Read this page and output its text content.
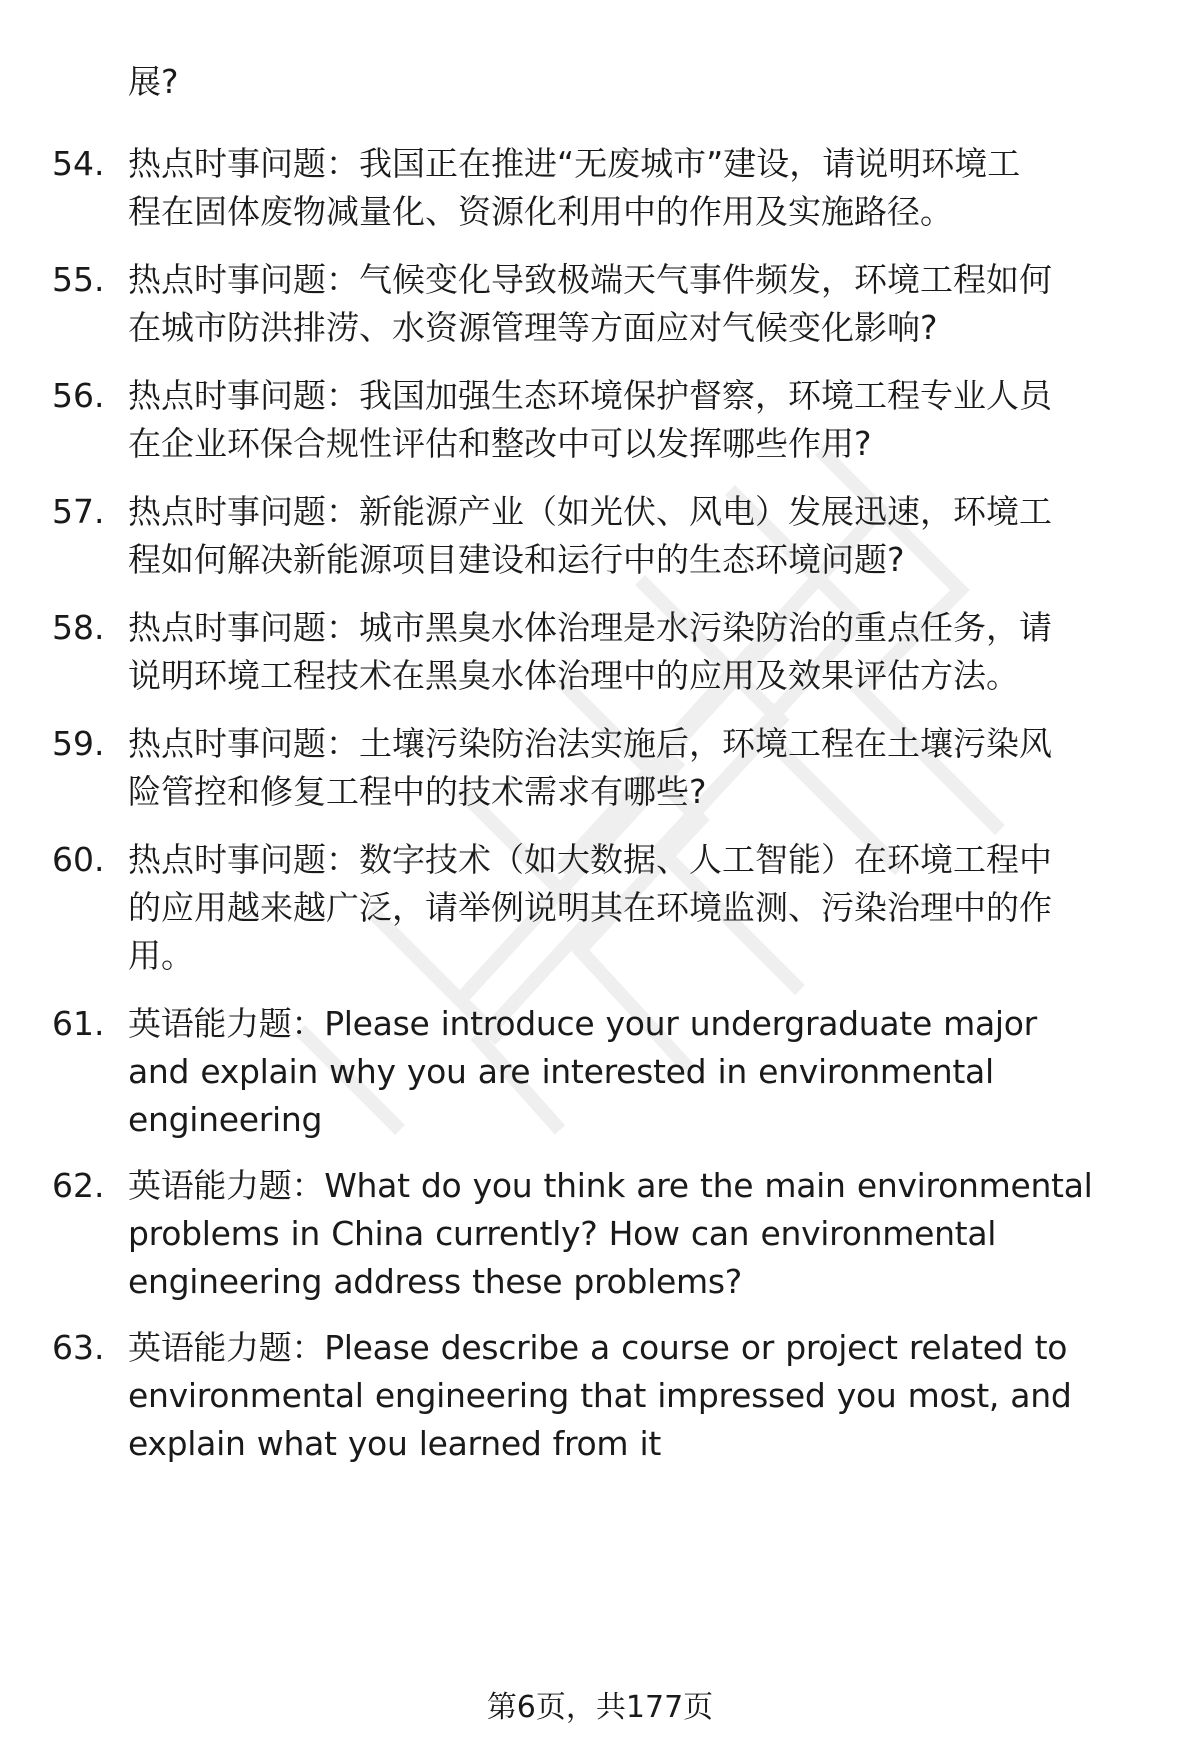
展?
54. 热点时事问题：我国正在推进“无废城市”建设，请说明环境工
程在固体废物减量化、资源化利用中的作用及实施路径。
55. 热点时事问题：气候变化导致极端天气事件频发，环境工程如何
在城市防洪排涝、水资源管理等方面应对气候变化影响?
56. 热点时事问题：我国加强生态环境保护督察，环境工程专业人员
在企业环保合规性评估和整改中可以发挥哪些作用?
57. 热点时事问题：新能源产业（如光伏、风电）发展迅速，环境工
程如何解决新能源项目建设和运行中的生态环境问题?
58. 热点时事问题：城市黑臭水体治理是水污染防治的重点任务，请
说明环境工程技术在黑臭水体治理中的应用及效果评估方法。
59. 热点时事问题：土壤污染防治法实施后，环境工程在土壤污染风
险管控和修复工程中的技术需求有哪些?
60. 热点时事问题：数字技术（如大数据、人工智能）在环境工程中
的应用越来越广泛，请举例说明其在环境监测、污染治理中的作
用。
61. 英语能力题：Please introduce your undergraduate major
and explain why you are interested in environmental
engineering
62. 英语能力题：What do you think are the main environmental
problems in China currently? How can environmental
engineering address these problems?
63. 英语能力题：Please describe a course or project related to
environmental engineering that impressed you most, and
explain what you learned from it
第6页，共177页
